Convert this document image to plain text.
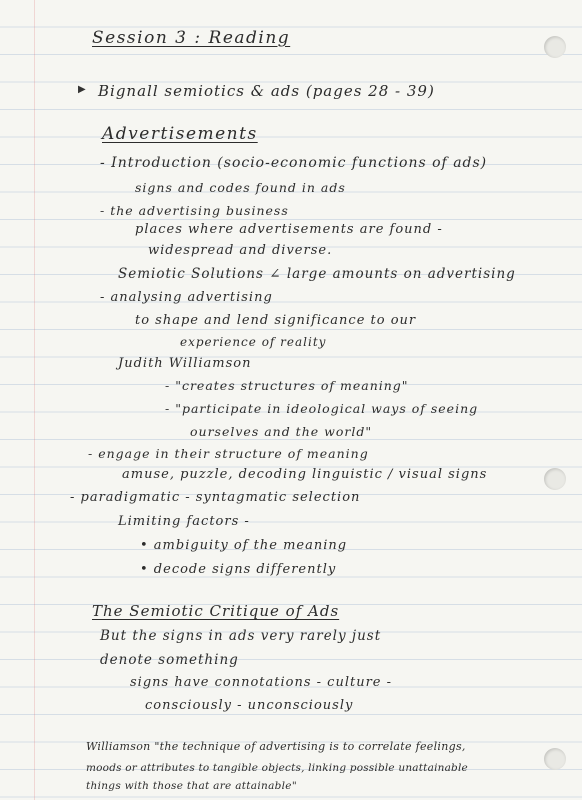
Session 3 : Reading
▶ Bignall semiotics & ads (pages 28 - 39)
Advertisements
- Introduction (socio-economic functions of ads)
signs and codes found in ads
- the advertising business
places where advertisements are found -
widespread and diverse.
Semiotic Solutions ∠ large amounts on advertising
- analysing advertising
to shape and lend significance to our
experience of reality
Judith Williamson
- "creates structures of meaning"
- "participate in ideological ways of seeing
ourselves and the world"
- engage in their structure of meaning
amuse, puzzle, decoding linguistic / visual signs
- paradigmatic - syntagmatic selection
Limiting factors -
• ambiguity of the meaning
• decode signs differently
The Semiotic Critique of Ads
But the signs in ads very rarely just
denote something
signs have connotations - culture -
consciously - unconsciously
Williamson "the technique of advertising is to correlate feelings,
moods or attributes to tangible objects, linking possible unattainable
things with those that are attainable"
